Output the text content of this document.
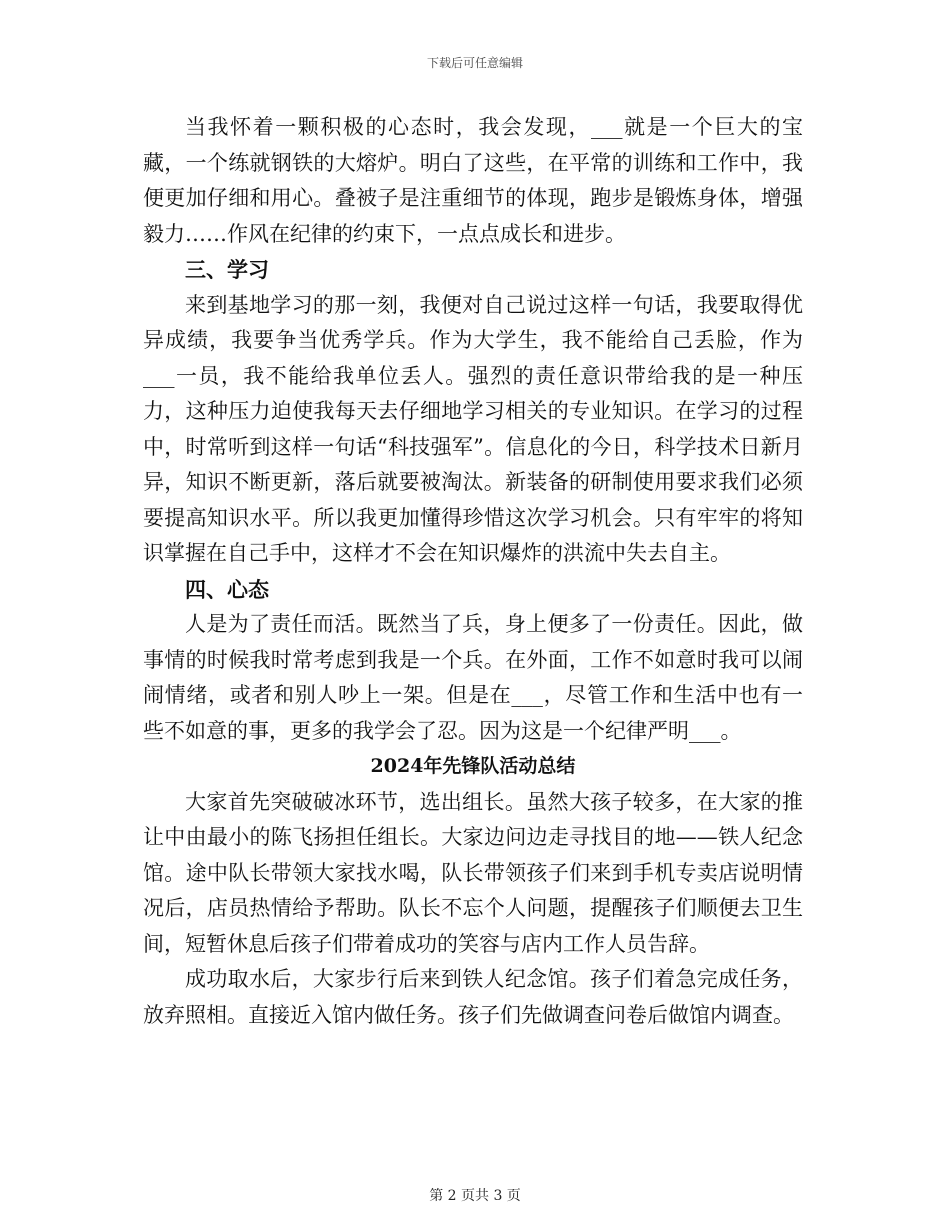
下载后可任意编辑

当我怀着一颗积极的心态时，我会发现，___就是一个巨大的宝藏，一个练就钢铁的大熔炉。明白了这些，在平常的训练和工作中，我便更加仔细和用心。叠被子是注重细节的体现，跑步是锻炼身体，增强毅力……作风在纪律的约束下，一点点成长和进步。

三、学习

来到基地学习的那一刻，我便对自己说过这样一句话，我要取得优异成绩，我要争当优秀学兵。作为大学生，我不能给自己丢脸，作为___一员，我不能给我单位丢人。强烈的责任意识带给我的是一种压力，这种压力迫使我每天去仔细地学习相关的专业知识。在学习的过程中，时常听到这样一句话“科技强军”。信息化的今日，科学技术日新月异，知识不断更新，落后就要被淘汰。新装备的研制使用要求我们必须要提高知识水平。所以我更加懂得珍惜这次学习机会。只有牢牢的将知识掌握在自己手中，这样才不会在知识爆炸的洪流中失去自主。

四、心态

人是为了责任而活。既然当了兵，身上便多了一份责任。因此，做事情的时候我时常考虑到我是一个兵。在外面，工作不如意时我可以闹闹情绪，或者和别人吵上一架。但是在___，尽管工作和生活中也有一些不如意的事，更多的我学会了忍。因为这是一个纪律严明___。

2024年先锋队活动总结

大家首先突破破冰环节，选出组长。虽然大孩子较多，在大家的推让中由最小的陈飞扬担任组长。大家边问边走寻找目的地——铁人纪念馆。途中队长带领大家找水喝，队长带领孩子们来到手机专卖店说明情况后，店员热情给予帮助。队长不忘个人问题，提醒孩子们顺便去卫生间，短暂休息后孩子们带着成功的笑容与店内工作人员告辞。

成功取水后，大家步行后来到铁人纪念馆。孩子们着急完成任务，放弃照相。直接近入馆内做任务。孩子们先做调查问卷后做馆内调查。

第 2 页共 3 页
